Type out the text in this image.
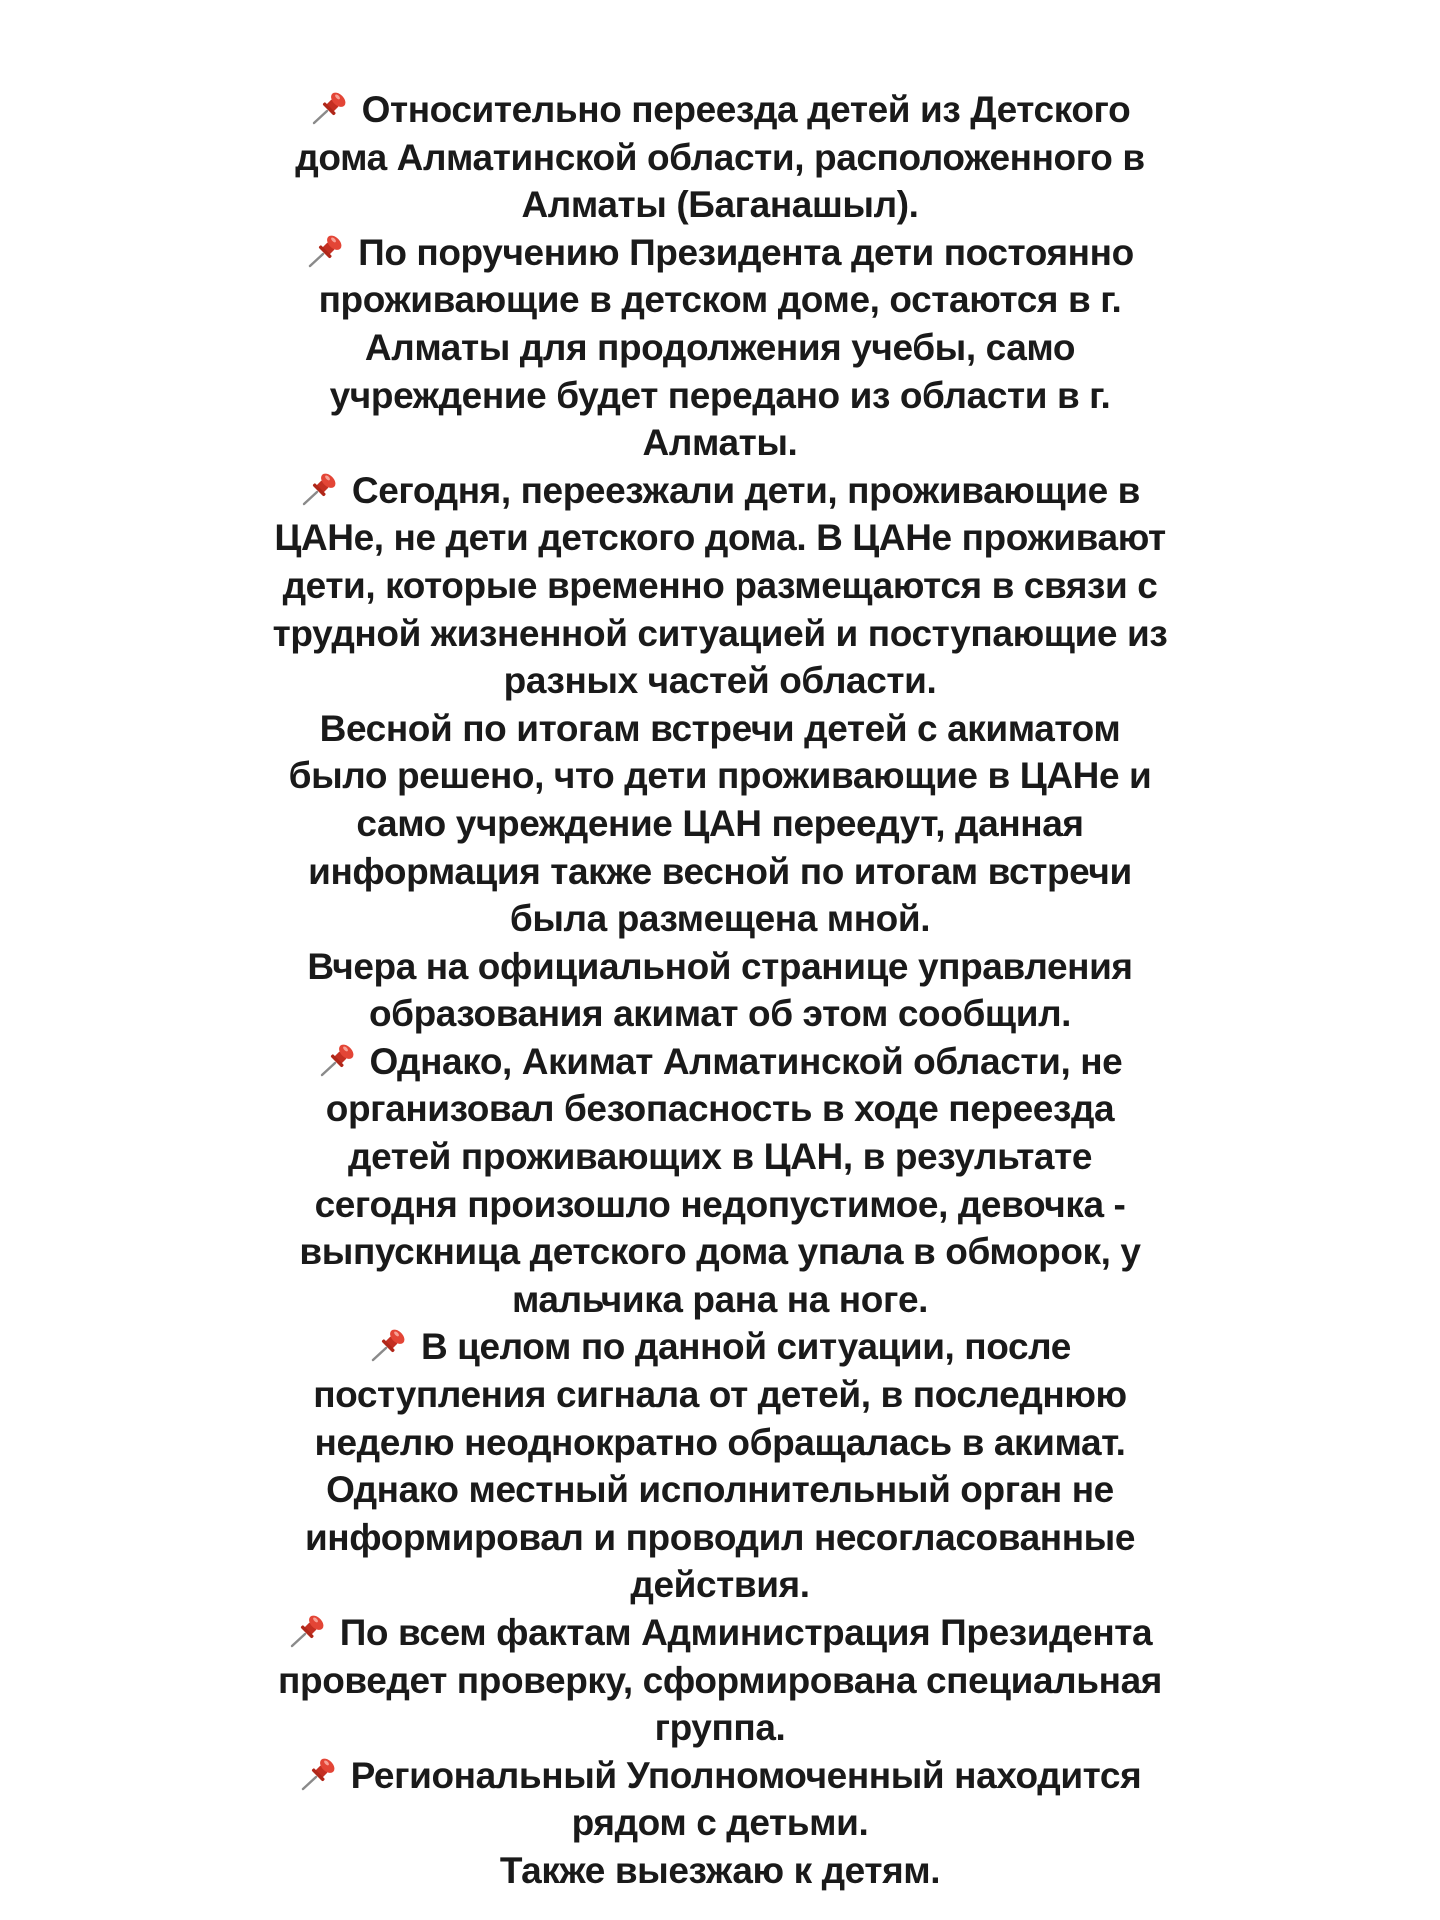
Относительно переезда детей из Детского
дома Алматинской области, расположенного в
Алматы (Баганашыл).
По поручению Президента дети постоянно
проживающие в детском доме, остаются в г.
Алматы для продолжения учебы, само
учреждение будет передано из области в г.
Алматы.
Сегодня, переезжали дети, проживающие в
ЦАНе, не дети детского дома. В ЦАНе проживают
дети, которые временно размещаются в связи с
трудной жизненной ситуацией и поступающие из
разных частей области.
Весной по итогам встречи детей с акиматом
было решено, что дети проживающие в ЦАНе и
само учреждение ЦАН переедут, данная
информация также весной по итогам встречи
была размещена мной.
Вчера на официальной странице управления
образования акимат об этом сообщил.
Однако, Акимат Алматинской области, не
организовал безопасность в ходе переезда
детей проживающих в ЦАН, в результате
сегодня произошло недопустимое, девочка -
выпускница детского дома упала в обморок, у
мальчика рана на ноге.
В целом по данной ситуации, после
поступления сигнала от детей, в последнюю
неделю неоднократно обращалась в акимат.
Однако местный исполнительный орган не
информировал и проводил несогласованные
действия.
По всем фактам Администрация Президента
проведет проверку, сформирована специальная
группа.
Региональный Уполномоченный находится
рядом с детьми.
Также выезжаю к детям.
